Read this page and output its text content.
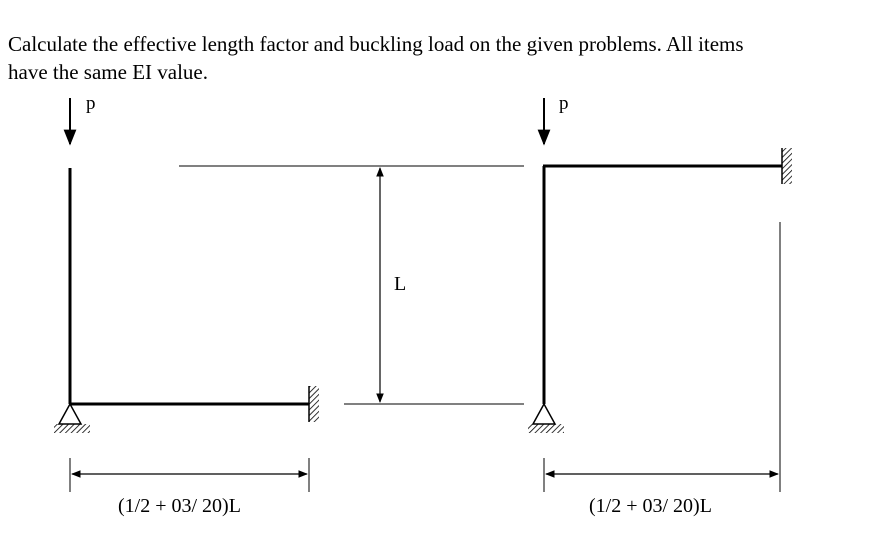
Calculate the effective length factor and buckling load on the given problems. All items
have the same EI value.

p
(1/2 + 03/ 20)L
L
p
(1/2 + 03/ 20)L
